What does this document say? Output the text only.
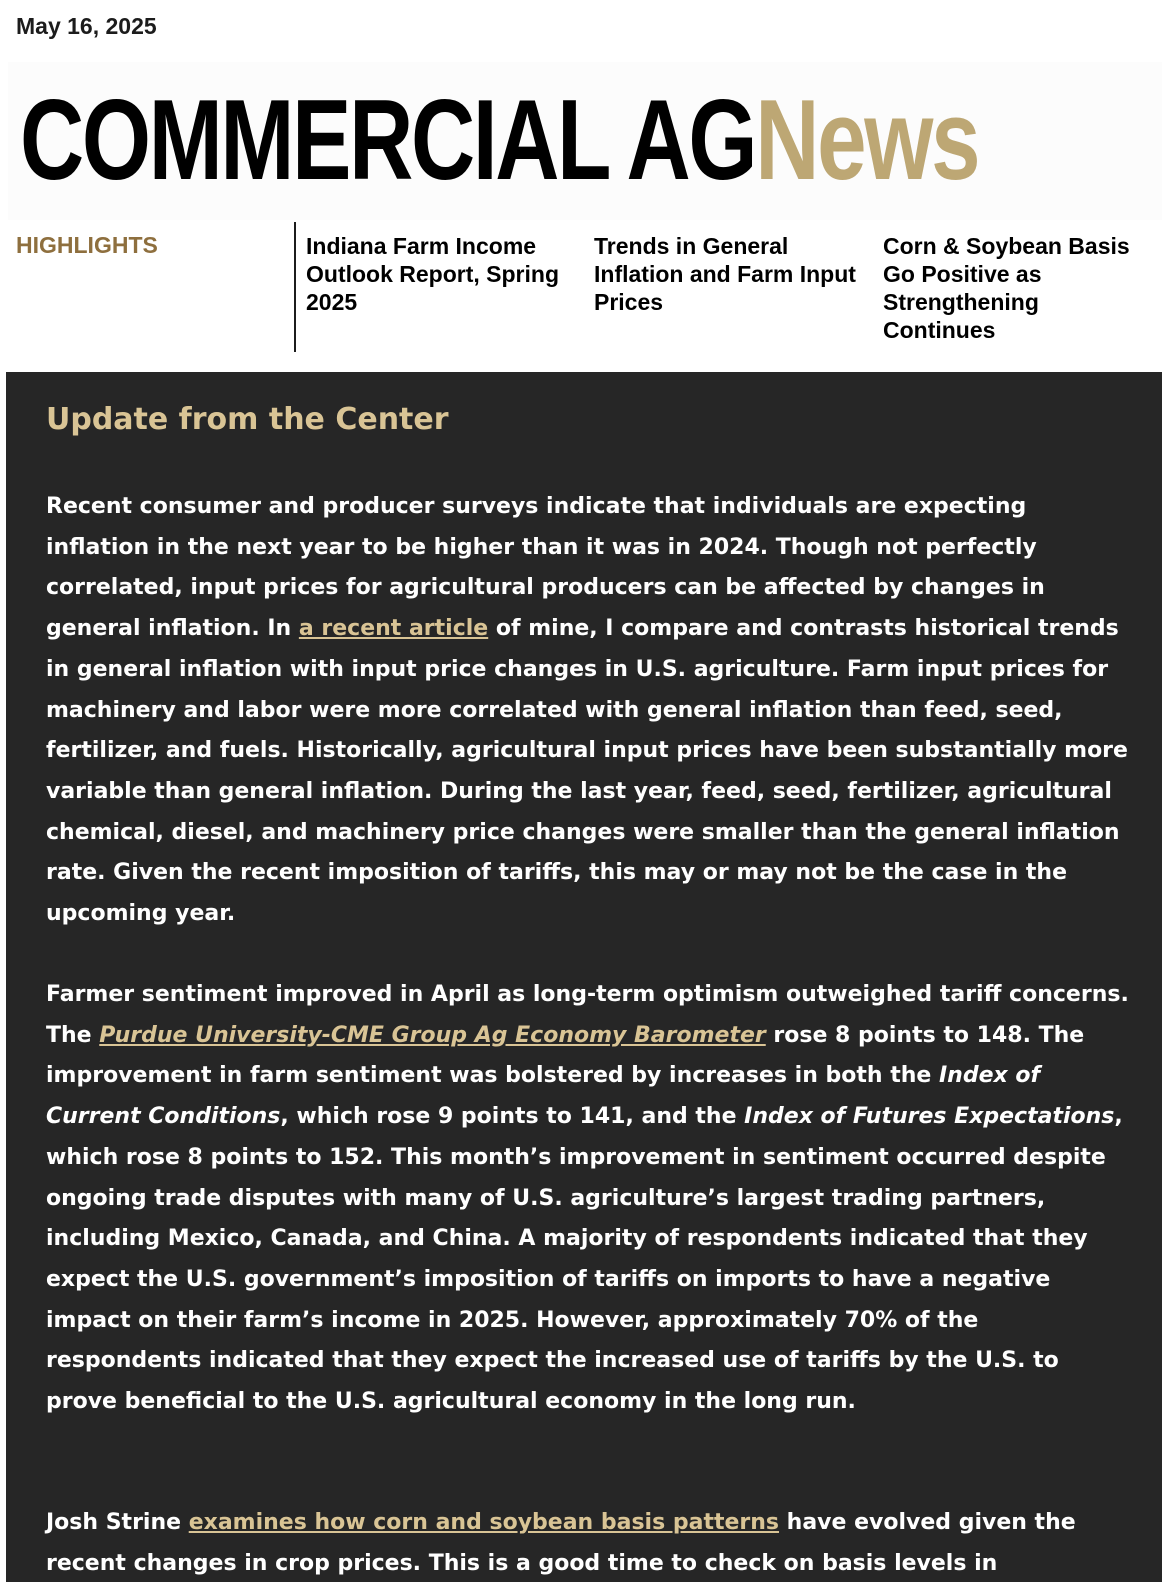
May 16, 2025
COMMERCIAL AGNews
HIGHLIGHTS	Indiana Farm Income Outlook Report, Spring 2025
Trends in General Inflation and Farm Input Prices
Corn & Soybean Basis Go Positive as Strengthening Continues
Update from the Center

Recent consumer and producer surveys indicate that individuals are expecting inflation in the next year to be higher than it was in 2024. Though not perfectly correlated, input prices for agricultural producers can be affected by changes in general inflation. In a recent article of mine, I compare and contrasts historical trends in general inflation with input price changes in U.S. agriculture. Farm input prices for machinery and labor were more correlated with general inflation than feed, seed, fertilizer, and fuels. Historically, agricultural input prices have been substantially more variable than general inflation. During the last year, feed, seed, fertilizer, agricultural chemical, diesel, and machinery price changes were smaller than the general inflation rate. Given the recent imposition of tariffs, this may or may not be the case in the upcoming year.

Farmer sentiment improved in April as long-term optimism outweighed tariff concerns. The Purdue University-CME Group Ag Economy Barometer rose 8 points to 148. The improvement in farm sentiment was bolstered by increases in both the Index of Current Conditions, which rose 9 points to 141, and the Index of Futures Expectations, which rose 8 points to 152. This month’s improvement in sentiment occurred despite ongoing trade disputes with many of U.S. agriculture’s largest trading partners, including Mexico, Canada, and China. A majority of respondents indicated that they expect the U.S. government’s imposition of tariffs on imports to have a negative impact on their farm’s income in 2025. However, approximately 70% of the respondents indicated that they expect the increased use of tariffs by the U.S. to prove beneficial to the U.S. agricultural economy in the long run.

Josh Strine examines how corn and soybean basis patterns have evolved given the recent changes in crop prices. This is a good time to check on basis levels in
